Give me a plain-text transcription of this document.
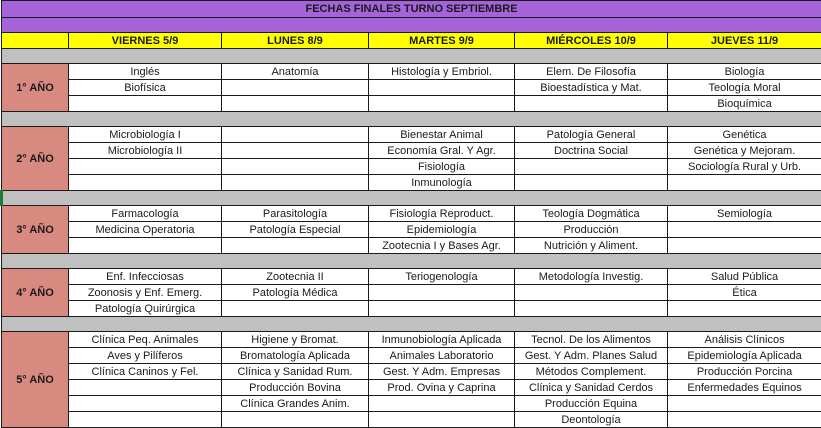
FECHAS FINALES TURNO SEPTIEMBRE					

	VIERNES 5/9	LUNES 8/9	MARTES 9/9	MIÉRCOLES 10/9	JUEVES 11/9

1° AÑO	Inglés	Anatomía	Histología y Embriol.	Elem. De Filosofía	Biología
	Biofísica			Bioestadística y Mat.	Teología Moral
					Bioquímica

2° AÑO	Microbiología I		Bienestar Animal	Patología General	Genética
	Microbiología II		Economía Gral. Y Agr.	Doctrina Social	Genética y Mejoram.
			Fisiología		Sociología Rural y Urb.
			Inmunología		

3° AÑO	Farmacología	Parasitología	Fisiología Reproduct.	Teología Dogmática	Semiología
	Medicina Operatoria	Patología Especial	Epidemiología	Producción	
			Zootecnia I y Bases Agr.	Nutrición y Aliment.	

4° AÑO	Enf. Infecciosas	Zootecnia II	Teriogenología	Metodología Investig.	Salud Pública
	Zoonosis y Enf. Emerg.	Patología Médica			Ética
	Patología Quirúrgica				

5° AÑO	Clínica Peq. Animales	Higiene y Bromat.	Inmunobiología Aplicada	Tecnol. De los Alimentos	Análisis Clínicos
	Aves y Pilíferos	Bromatología Aplicada	Animales Laboratorio	Gest. Y Adm. Planes Salud	Epidemiología Aplicada
	Clínica Caninos y Fel.	Clínica y Sanidad Rum.	Gest. Y Adm. Empresas	Métodos Complement.	Producción Porcina
		Producción Bovina	Prod. Ovina y Caprina	Clínica y Sanidad Cerdos	Enfermedades Equinos
		Clínica Grandes Anim.		Producción Equina	
				Deontología	
